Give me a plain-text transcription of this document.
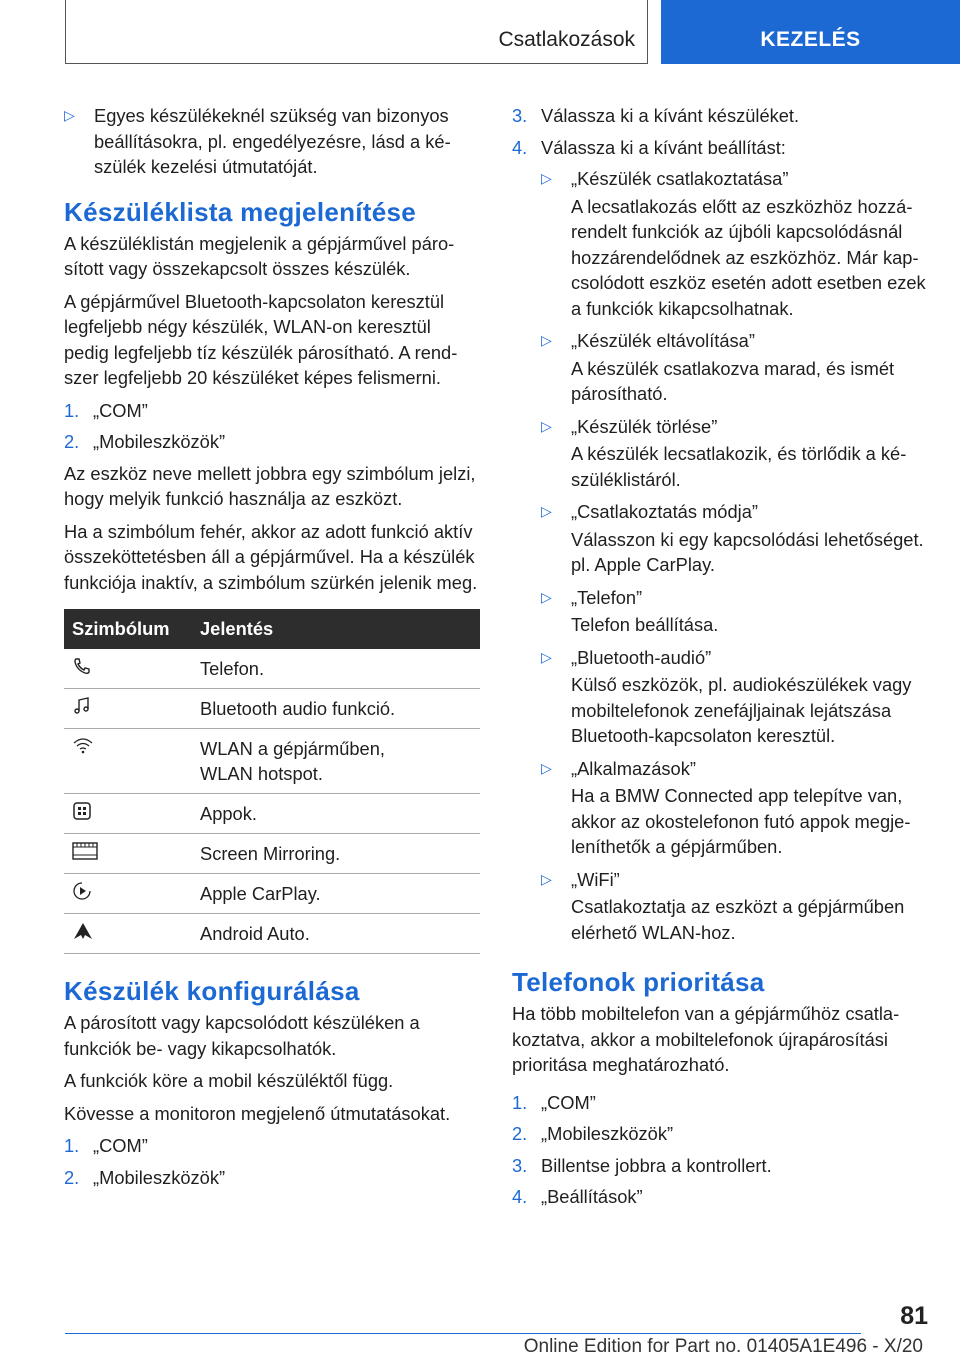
Csatlakozások	KEZELÉS
▷ Egyes készülékeknél szükség van bizonyos beállításokra, pl. engedélyezésre, lásd a készülék kezelési útmutatóját.
Készüléklista megjelenítése

A készüléklistán megjelenik a gépjárművel párosított vagy összekapcsolt összes készülék.

A gépjárművel Bluetooth-kapcsolaton keresztül legfeljebb négy készülék, WLAN-on keresztül pedig legfeljebb tíz készülék párosítható. A rendszer legfeljebb 20 készüléket képes felismerni.

1. „COM”
2. „Mobileszközök”

Az eszköz neve mellett jobbra egy szimbólum jelzi, hogy melyik funkció használja az eszközt.

Ha a szimbólum fehér, akkor az adott funkció aktív összeköttetésben áll a gépjárművel. Ha a készülék funkciója inaktív, a szimbólum szürkén jelenik meg.

Szimbólum	Jelentés

	Telefon.

	Bluetooth audio funkció.

	WLAN a gépjárműben,
WLAN hotspot.

	Appok.

	Screen Mirroring.

	Apple CarPlay.

	Android Auto.
Készülék konfigurálása

A párosított vagy kapcsolódott készüléken a funkciók be- vagy kikapcsolhatók.

A funkciók köre a mobil készüléktől függ.

Kövesse a monitoron megjelenő útmutatásokat.

1. „COM”
2. „Mobileszközök”
3. Válassza ki a kívánt készüléket.
4. Válassza ki a kívánt beállítást:
▷ „Készülék csatlakoztatása”
A lecsatlakozás előtt az eszközhöz hozzárendelt funkciók az újbóli kapcsolódásnál hozzárendelődnek az eszközhöz. Már kapcsolódott eszköz esetén adott esetben ezek a funkciók kikapcsolhatnak.
▷ „Készülék eltávolítása”
A készülék csatlakozva marad, és ismét párosítható.
▷ „Készülék törlése”
A készülék lecsatlakozik, és törlődik a készüléklistáról.
▷ „Csatlakoztatás módja”
Válasszon ki egy kapcsolódási lehetőséget. pl. Apple CarPlay.
▷ „Telefon”
Telefon beállítása.
▷ „Bluetooth-audió”
Külső eszközök, pl. audiokészülékek vagy mobiltelefonok zenefájljainak lejátszása Bluetooth-kapcsolaton keresztül.
▷ „Alkalmazások”
Ha a BMW Connected app telepítve van, akkor az okostelefonon futó appok megjeleníthetők a gépjárműben.
▷ „WiFi”
Csatlakoztatja az eszközt a gépjárműben elérhető WLAN-hoz.
Telefonok prioritása

Ha több mobiltelefon van a gépjárműhöz csatlakoztatva, akkor a mobiltelefonok újrapárosítási prioritása meghatározható.

1. „COM”
2. „Mobileszközök”
3. Billentse jobbra a kontrollert.
4. „Beállítások”
81
Online Edition for Part no. 01405A1E496 - X/20
